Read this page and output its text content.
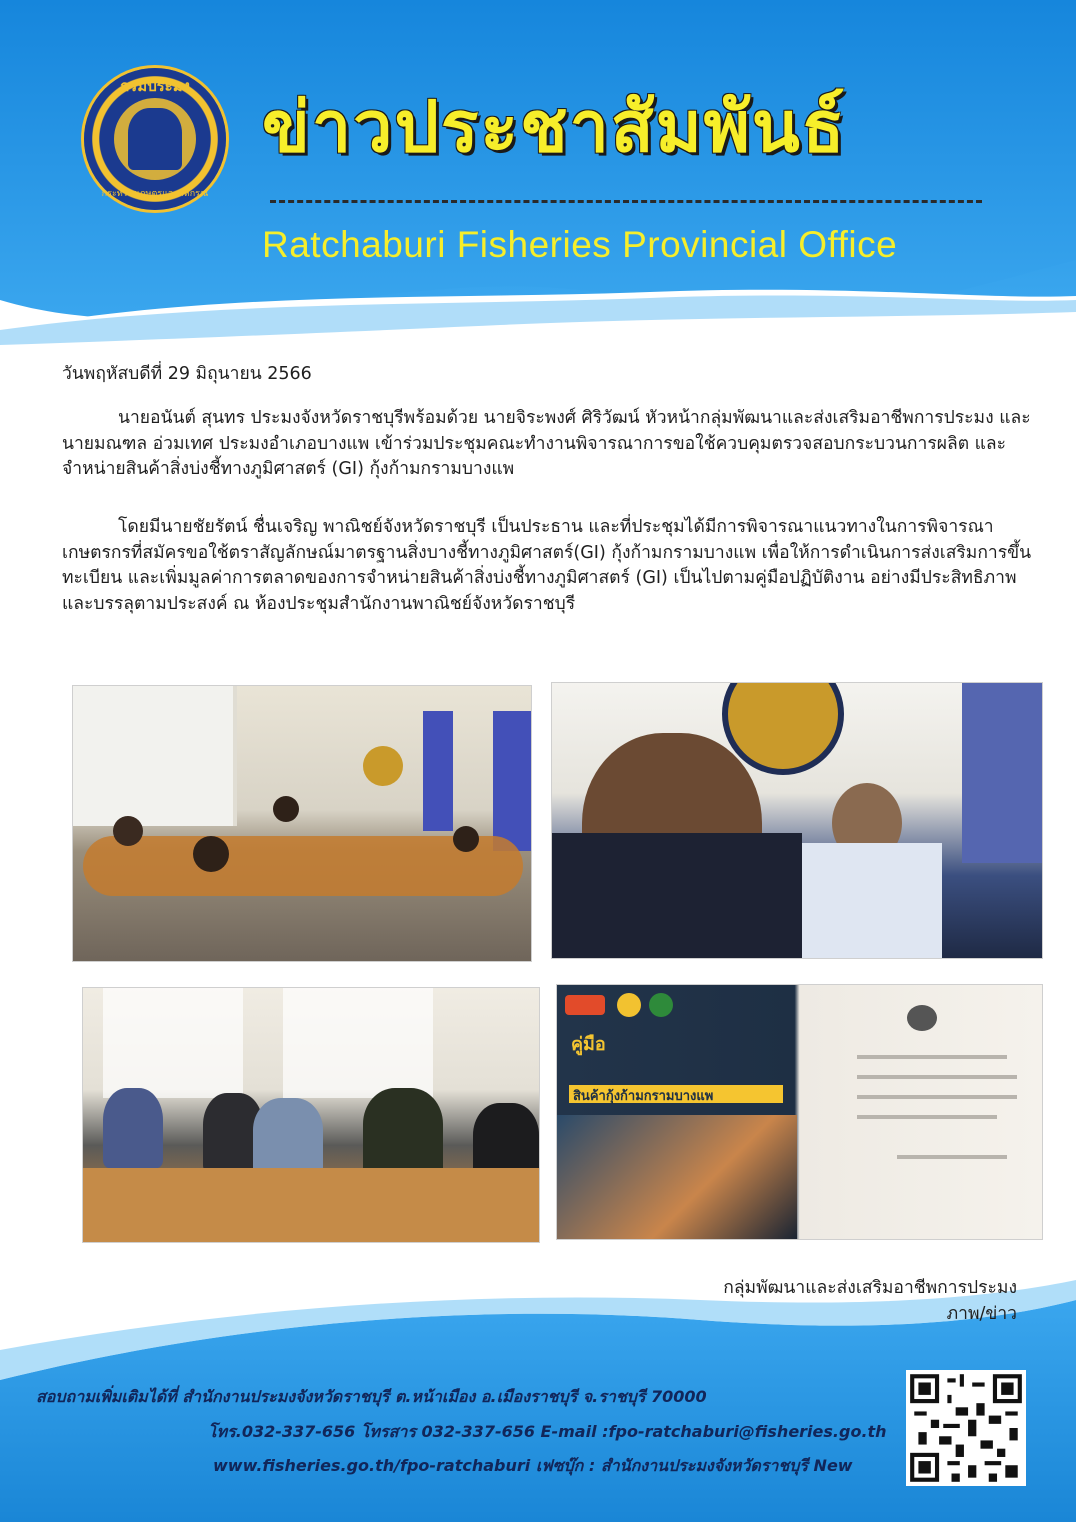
กรมประมง
กระทรวงเกษตรและสหกรณ์
ข่าวประชาสัมพันธ์
Ratchaburi Fisheries Provincial Office
วันพฤหัสบดีที่ 29 มิถุนายน 2566
นายอนันต์ สุนทร ประมงจังหวัดราชบุรีพร้อมด้วย นายจิระพงศ์ ศิริวัฒน์ หัวหน้ากลุ่มพัฒนาและส่งเสริมอาชีพการประมง และนายมณฑล อ่วมเทศ ประมงอำเภอบางแพ เข้าร่วมประชุมคณะทำงานพิจารณาการขอใช้ควบคุมตรวจสอบกระบวนการผลิต และจำหน่ายสินค้าสิ่งบ่งชี้ทางภูมิศาสตร์ (GI) กุ้งก้ามกรามบางแพ
โดยมีนายชัยรัตน์ ชื่นเจริญ พาณิชย์จังหวัดราชบุรี เป็นประธาน และที่ประชุมได้มีการพิจารณาแนวทางในการพิจารณาเกษตรกรที่สมัครขอใช้ตราสัญลักษณ์มาตรฐานสิ่งบางชี้ทางภูมิศาสตร์(GI) กุ้งก้ามกรามบางแพ เพื่อให้การดำเนินการส่งเสริมการขึ้นทะเบียน และเพิ่มมูลค่าการตลาดของการจำหน่ายสินค้าสิ่งบ่งชี้ทางภูมิศาสตร์ (GI) เป็นไปตามคู่มือปฏิบัติงาน อย่างมีประสิทธิภาพและบรรลุตามประสงค์ ณ ห้องประชุมสำนักงานพาณิชย์จังหวัดราชบุรี
คู่มือ
สินค้ากุ้งก้ามกรามบางแพ
กลุ่มพัฒนาและส่งเสริมอาชีพการประมง
ภาพ/ข่าว
สอบถามเพิ่มเติมได้ที่ สำนักงานประมงจังหวัดราชบุรี ต.หน้าเมือง อ.เมืองราชบุรี จ.ราชบุรี 70000
โทร.032-337-656 โทรสาร 032-337-656 E-mail :fpo-ratchaburi@fisheries.go.th
www.fisheries.go.th/fpo-ratchaburi เฟซบุ๊ก : สำนักงานประมงจังหวัดราชบุรี New
